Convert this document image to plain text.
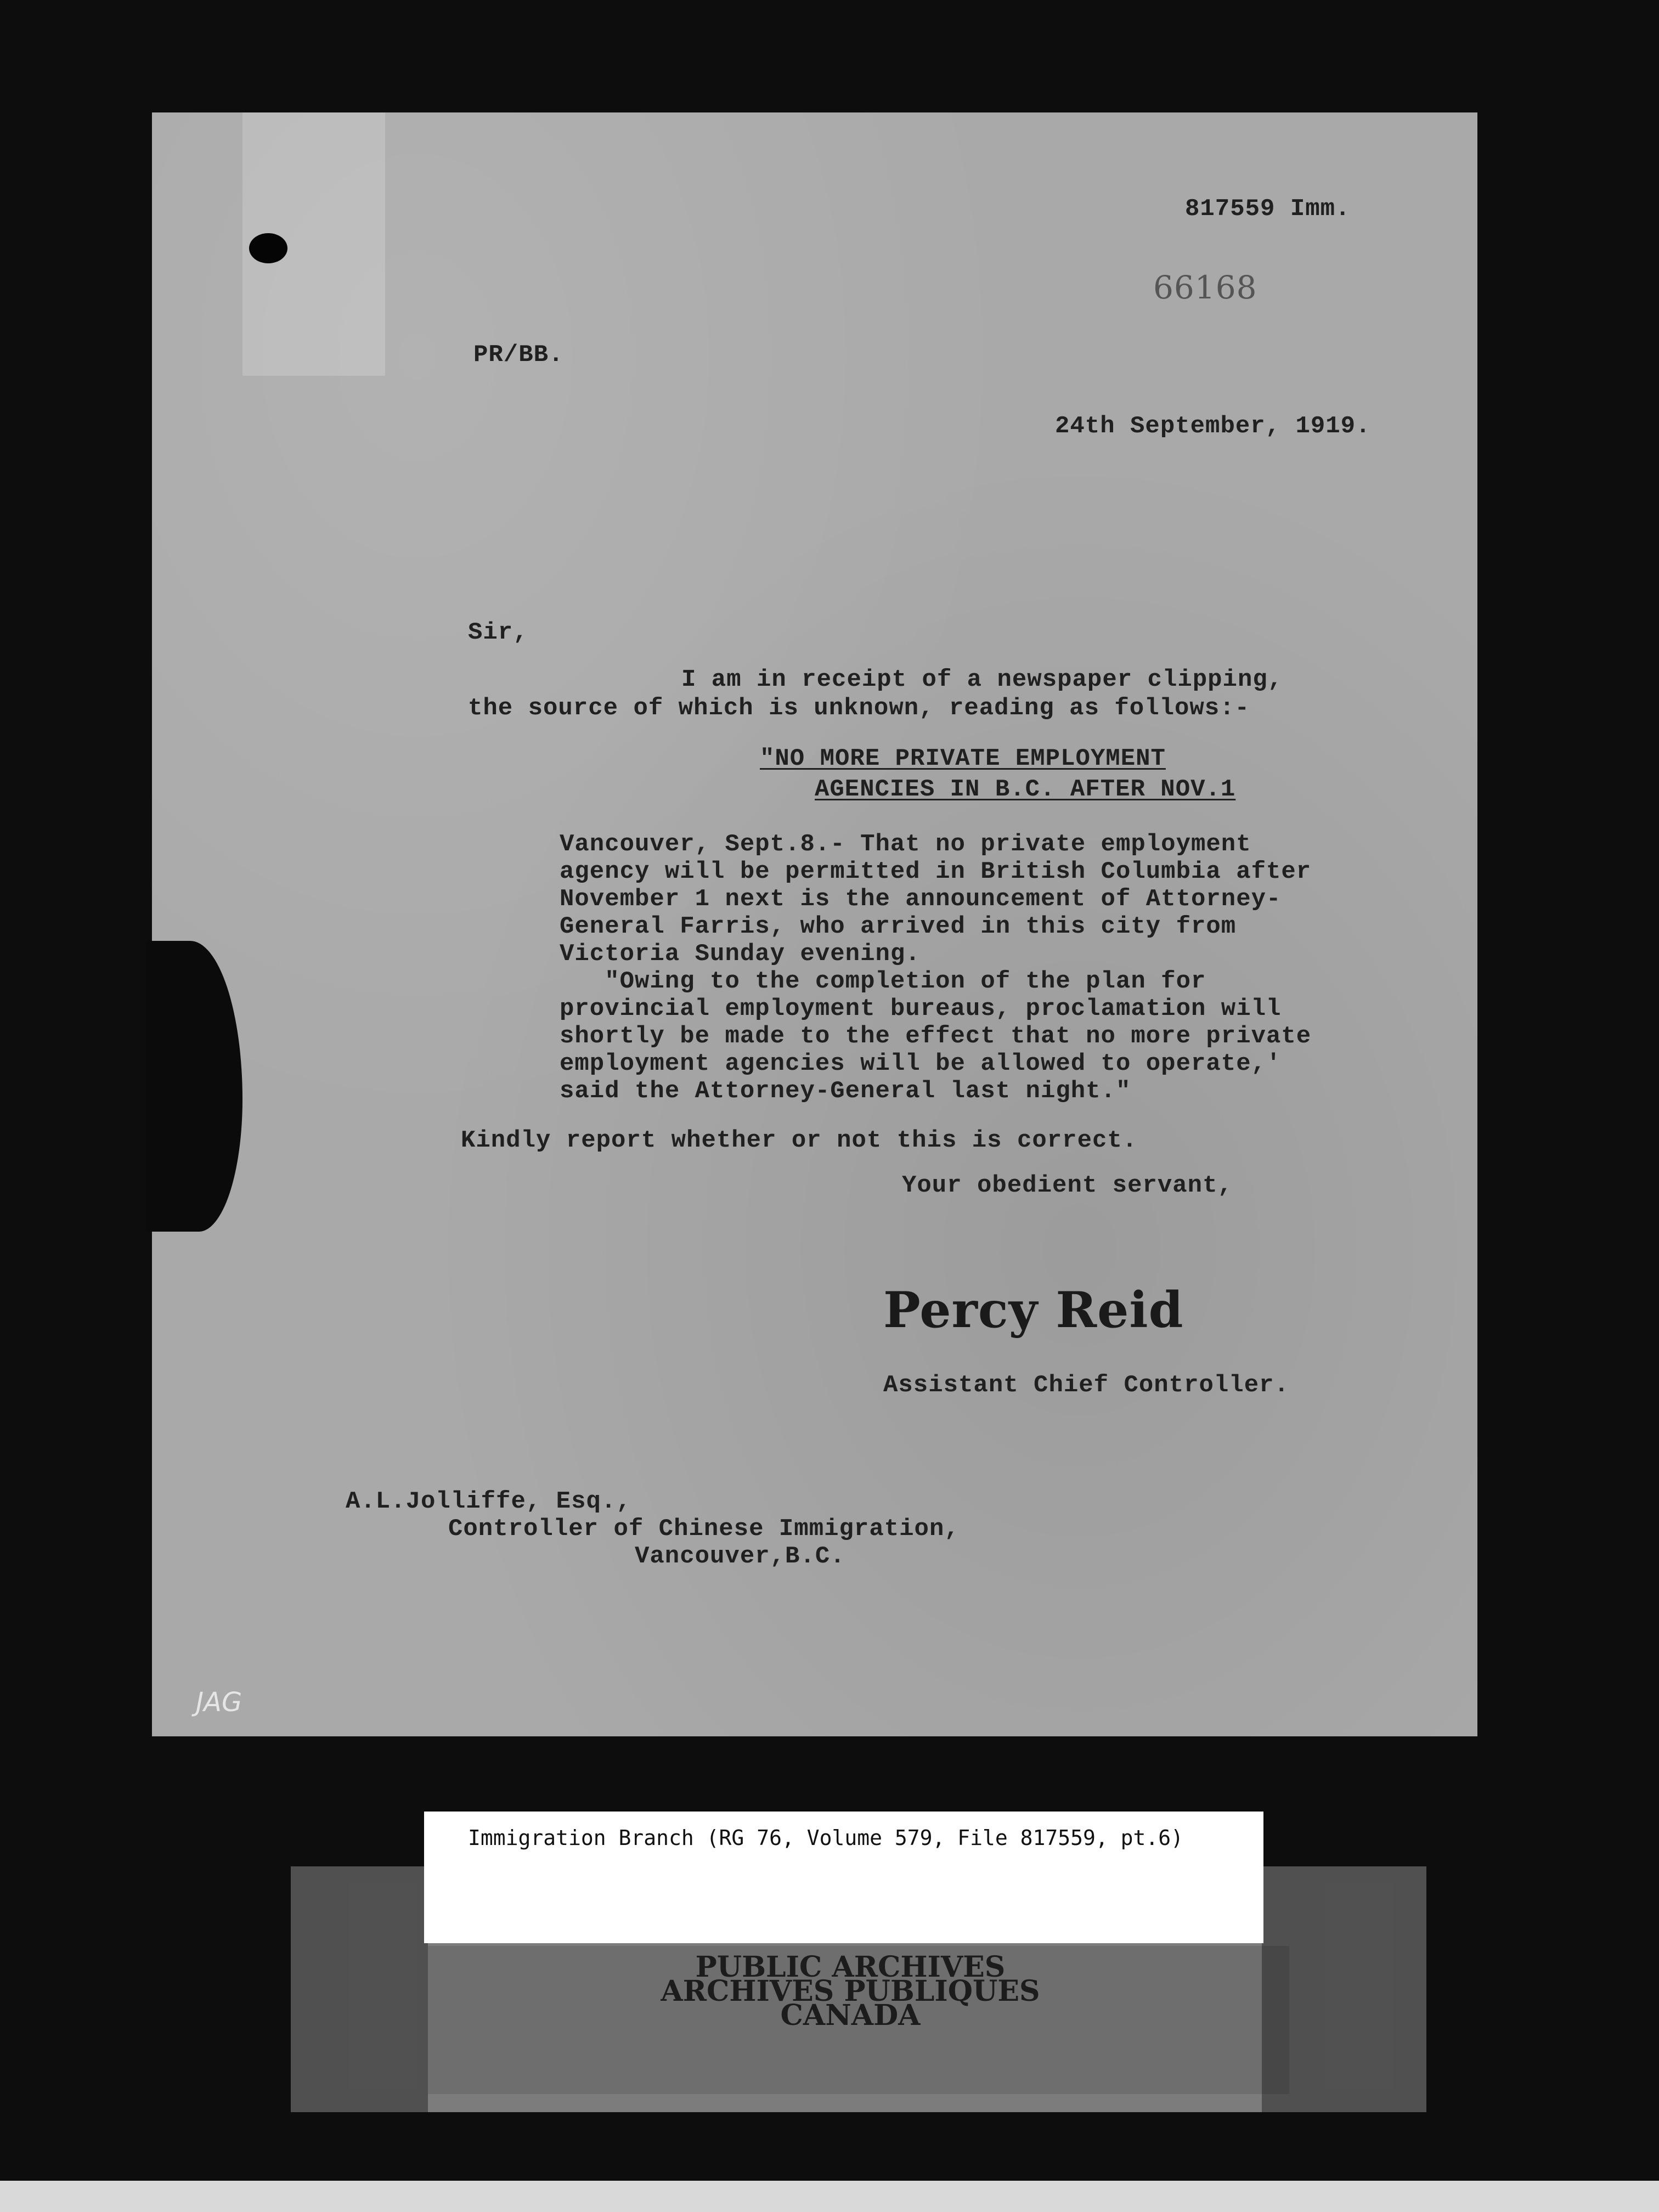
817559 Imm.
66168
PR/BB.
24th September, 1919.
Sir,
I am in receipt of a newspaper clipping,
the source of which is unknown, reading as follows:-
"NO MORE PRIVATE EMPLOYMENT
AGENCIES IN B.C. AFTER NOV.1
Vancouver, Sept.8.- That no private employment
agency will be permitted in British Columbia after
November 1 next is the announcement of Attorney-
General Farris, who arrived in this city from
Victoria Sunday evening.
"Owing to the completion of the plan for
provincial employment bureaus, proclamation will
shortly be made to the effect that no more private
employment agencies will be allowed to operate,'
said the Attorney-General last night."
Kindly report whether or not this is correct.
Your obedient servant,
Percy Reid
Assistant Chief Controller.
A.L.Jolliffe, Esq.,
Controller of Chinese Immigration,
Vancouver,B.C.
JAG
Immigration Branch (RG 76, Volume 579, File 817559, pt.6)
PUBLIC ARCHIVES
ARCHIVES PUBLIQUES
CANADA
